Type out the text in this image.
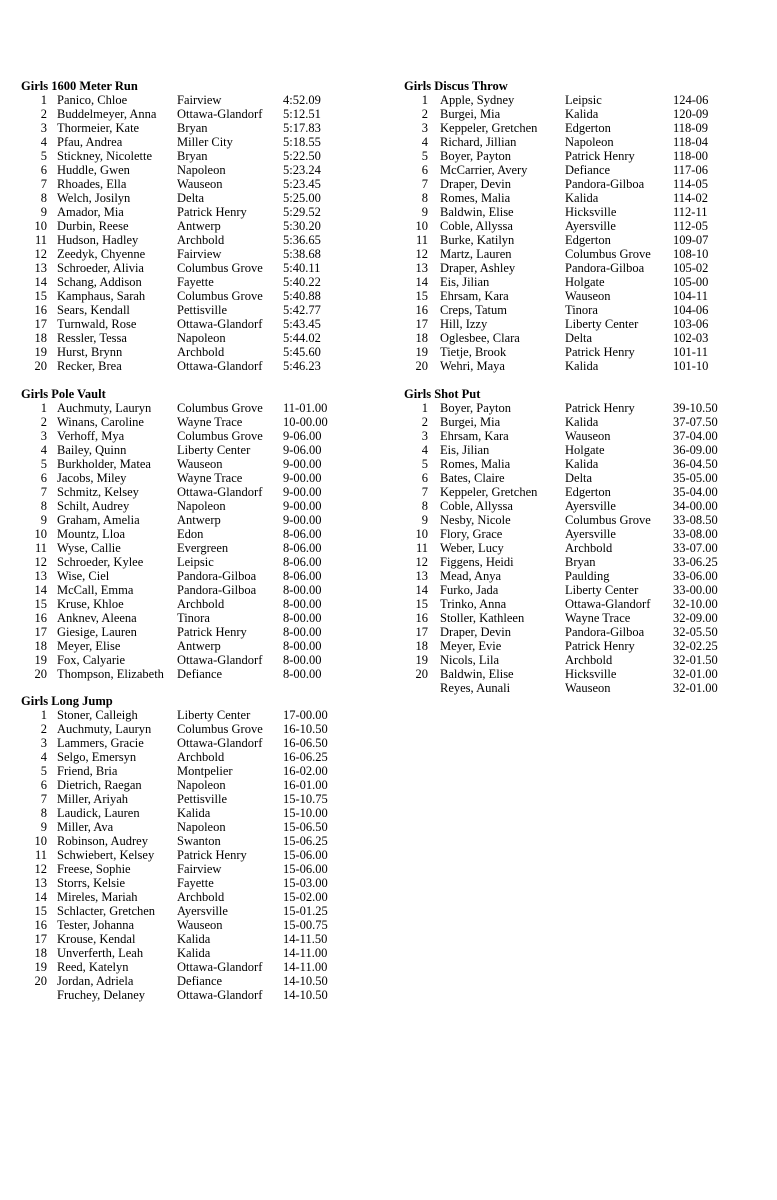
Girls 1600 Meter Run
1 Panico, Chloe	Fairview	4:52.09
2 Buddelmeyer, Anna	Ottawa-Glandorf	5:12.51
3 Thormeier, Kate	Bryan	5:17.83
4 Pfau, Andrea	Miller City	5:18.55
5 Stickney, Nicolette	Bryan	5:22.50
6 Huddle, Gwen	Napoleon	5:23.24
7 Rhoades, Ella	Wauseon	5:23.45
8 Welch, Josilyn	Delta	5:25.00
9 Amador, Mia	Patrick Henry	5:29.52
10 Durbin, Reese	Antwerp	5:30.20
11 Hudson, Hadley	Archbold	5:36.65
12 Zeedyk, Chyenne	Fairview	5:38.68
13 Schroeder, Alivia	Columbus Grove	5:40.11
14 Schang, Addison	Fayette	5:40.22
15 Kamphaus, Sarah	Columbus Grove	5:40.88
16 Sears, Kendall	Pettisville	5:42.77
17 Turnwald, Rose	Ottawa-Glandorf	5:43.45
18 Ressler, Tessa	Napoleon	5:44.02
19 Hurst, Brynn	Archbold	5:45.60
20 Recker, Brea	Ottawa-Glandorf	5:46.23
Girls Pole Vault
1 Auchmuty, Lauryn	Columbus Grove	11-01.00
2 Winans, Caroline	Wayne Trace	10-00.00
3 Verhoff, Mya	Columbus Grove	9-06.00
4 Bailey, Quinn	Liberty Center	9-06.00
5 Burkholder, Matea	Wauseon	9-00.00
6 Jacobs, Miley	Wayne Trace	9-00.00
7 Schmitz, Kelsey	Ottawa-Glandorf	9-00.00
8 Schilt, Audrey	Napoleon	9-00.00
9 Graham, Amelia	Antwerp	9-00.00
10 Mountz, Lloa	Edon	8-06.00
11 Wyse, Callie	Evergreen	8-06.00
12 Schroeder, Kylee	Leipsic	8-06.00
13 Wise, Ciel	Pandora-Gilboa	8-06.00
14 McCall, Emma	Pandora-Gilboa	8-00.00
15 Kruse, Khloe	Archbold	8-00.00
16 Anknev, Aleena	Tinora	8-00.00
17 Giesige, Lauren	Patrick Henry	8-00.00
18 Meyer, Elise	Antwerp	8-00.00
19 Fox, Calyarie	Ottawa-Glandorf	8-00.00
20 Thompson, Elizabeth	Defiance	8-00.00
Girls Long Jump
1 Stoner, Calleigh	Liberty Center	17-00.00
2 Auchmuty, Lauryn	Columbus Grove	16-10.50
3 Lammers, Gracie	Ottawa-Glandorf	16-06.50
4 Selgo, Emersyn	Archbold	16-06.25
5 Friend, Bria	Montpelier	16-02.00
6 Dietrich, Raegan	Napoleon	16-01.00
7 Miller, Ariyah	Pettisville	15-10.75
8 Laudick, Lauren	Kalida	15-10.00
9 Miller, Ava	Napoleon	15-06.50
10 Robinson, Audrey	Swanton	15-06.25
11 Schwiebert, Kelsey	Patrick Henry	15-06.00
12 Freese, Sophie	Fairview	15-06.00
13 Storrs, Kelsie	Fayette	15-03.00
14 Mireles, Mariah	Archbold	15-02.00
15 Schlacter, Gretchen	Ayersville	15-01.25
16 Tester, Johanna	Wauseon	15-00.75
17 Krouse, Kendal	Kalida	14-11.50
18 Unverferth, Leah	Kalida	14-11.00
19 Reed, Katelyn	Ottawa-Glandorf	14-11.00
20 Jordan, Adriela	Defiance	14-10.50
Fruchey, Delaney	Ottawa-Glandorf	14-10.50
Girls Discus Throw
1 Apple, Sydney	Leipsic	124-06
2 Burgei, Mia	Kalida	120-09
3 Keppeler, Gretchen	Edgerton	118-09
4 Richard, Jillian	Napoleon	118-04
5 Boyer, Payton	Patrick Henry	118-00
6 McCarrier, Avery	Defiance	117-06
7 Draper, Devin	Pandora-Gilboa	114-05
8 Romes, Malia	Kalida	114-02
9 Baldwin, Elise	Hicksville	112-11
10 Coble, Allyssa	Ayersville	112-05
11 Burke, Katilyn	Edgerton	109-07
12 Martz, Lauren	Columbus Grove	108-10
13 Draper, Ashley	Pandora-Gilboa	105-02
14 Eis, Jilian	Holgate	105-00
15 Ehrsam, Kara	Wauseon	104-11
16 Creps, Tatum	Tinora	104-06
17 Hill, Izzy	Liberty Center	103-06
18 Oglesbee, Clara	Delta	102-03
19 Tietje, Brook	Patrick Henry	101-11
20 Wehri, Maya	Kalida	101-10
Girls Shot Put
1 Boyer, Payton	Patrick Henry	39-10.50
2 Burgei, Mia	Kalida	37-07.50
3 Ehrsam, Kara	Wauseon	37-04.00
4 Eis, Jilian	Holgate	36-09.00
5 Romes, Malia	Kalida	36-04.50
6 Bates, Claire	Delta	35-05.00
7 Keppeler, Gretchen	Edgerton	35-04.00
8 Coble, Allyssa	Ayersville	34-00.00
9 Nesby, Nicole	Columbus Grove	33-08.50
10 Flory, Grace	Ayersville	33-08.00
11 Weber, Lucy	Archbold	33-07.00
12 Figgens, Heidi	Bryan	33-06.25
13 Mead, Anya	Paulding	33-06.00
14 Furko, Jada	Liberty Center	33-00.00
15 Trinko, Anna	Ottawa-Glandorf	32-10.00
16 Stoller, Kathleen	Wayne Trace	32-09.00
17 Draper, Devin	Pandora-Gilboa	32-05.50
18 Meyer, Evie	Patrick Henry	32-02.25
19 Nicols, Lila	Archbold	32-01.50
20 Baldwin, Elise	Hicksville	32-01.00
Reyes, Aunali	Wauseon	32-01.00
